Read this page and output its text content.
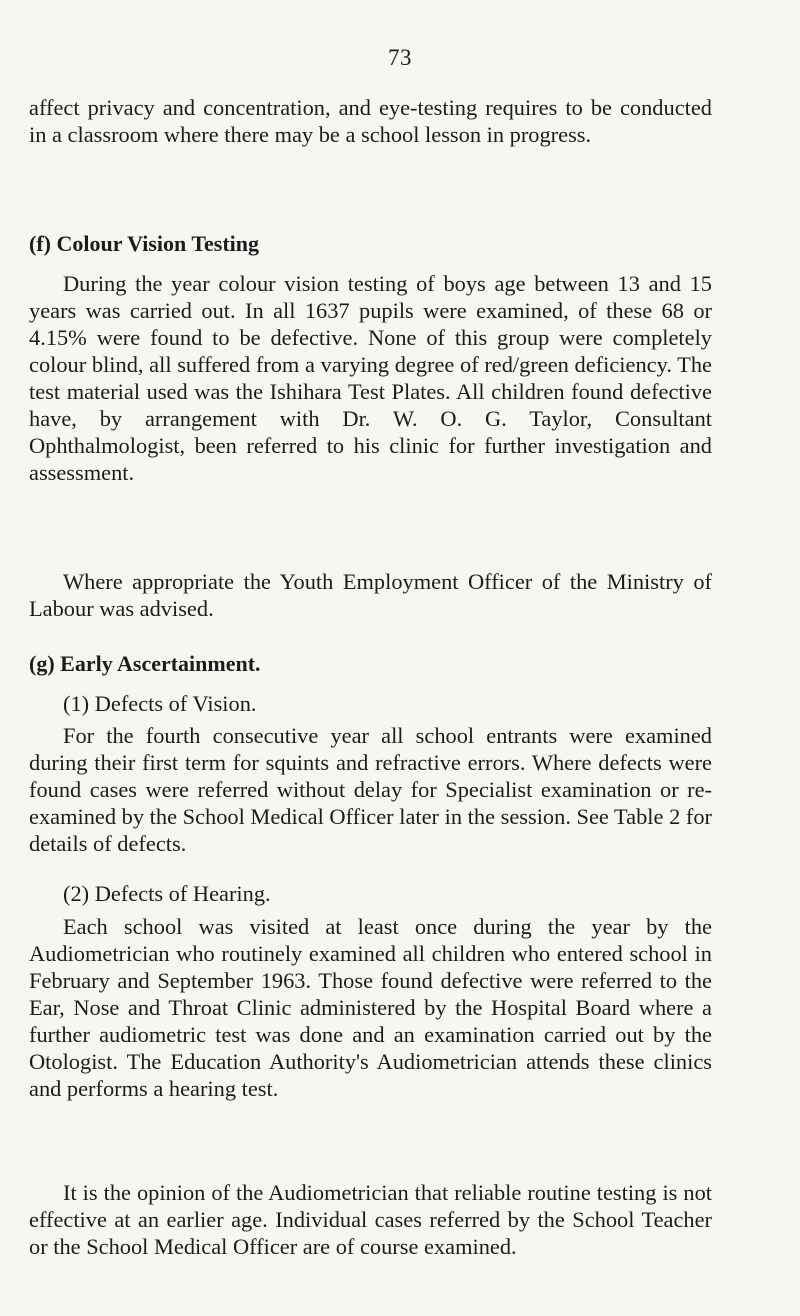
73

affect privacy and concentration, and eye-testing requires to be conducted in a classroom where there may be a school lesson in progress.

(f) Colour Vision Testing

During the year colour vision testing of boys age between 13 and 15 years was carried out. In all 1637 pupils were examined, of these 68 or 4.15% were found to be defective. None of this group were completely colour blind, all suffered from a varying degree of red/green deficiency. The test material used was the Ishihara Test Plates. All children found defective have, by arrangement with Dr. W. O. G. Taylor, Consultant Ophthalmologist, been referred to his clinic for further investigation and assessment.

Where appropriate the Youth Employment Officer of the Ministry of Labour was advised.

(g) Early Ascertainment.
(1) Defects of Vision.

For the fourth consecutive year all school entrants were examined during their first term for squints and refractive errors. Where defects were found cases were referred without delay for Specialist examination or re-examined by the School Medical Officer later in the session. See Table 2 for details of defects.

(2) Defects of Hearing.

Each school was visited at least once during the year by the Audiometrician who routinely examined all children who entered school in February and September 1963. Those found defective were referred to the Ear, Nose and Throat Clinic administered by the Hospital Board where a further audiometric test was done and an examination carried out by the Otologist. The Education Authority's Audiometrician attends these clinics and performs a hearing test.

It is the opinion of the Audiometrician that reliable routine testing is not effective at an earlier age. Individual cases referred by the School Teacher or the School Medical Officer are of course examined.
